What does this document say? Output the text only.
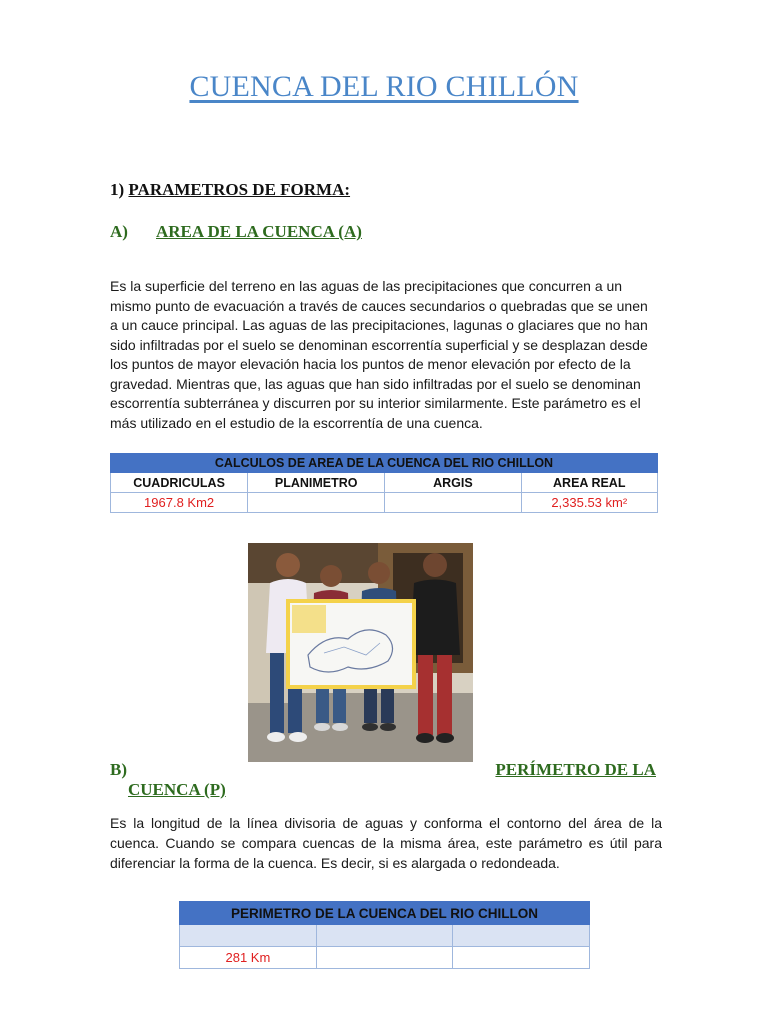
CUENCA DEL RIO CHILLÓN
1) PARAMETROS DE FORMA:
A) AREA DE LA CUENCA (A)
Es la superficie del terreno en las aguas de las precipitaciones que concurren a un
mismo punto de evacuación a través de cauces secundarios o quebradas que se unen
a un cauce principal. Las aguas de las precipitaciones, lagunas o glaciares que no han
sido infiltradas por el suelo se denominan escorrentía superficial y se desplazan desde
los puntos de mayor elevación hacia los puntos de menor elevación por efecto de la
gravedad. Mientras que, las aguas que han sido infiltradas por el suelo se denominan
escorrentía subterránea y discurren por su interior similarmente. Este parámetro es el
más utilizado en el estudio de la escorrentía de una cuenca.
CALCULOS DE AREA DE LA CUENCA DEL RIO CHILLON			
CUADRICULAS	PLANIMETRO	ARGIS	AREA REAL
1967.8 Km2			2,335.53 km²
B)	PERÍMETRO DE LA
CUENCA (P)
Es la longitud de la línea divisoria de aguas y conforma el contorno del área de la
cuenca. Cuando se compara cuencas de la misma área, este parámetro es útil para
diferenciar la forma de la cuenca. Es decir, si es alargada o redondeada.
PERIMETRO DE LA CUENCA DEL RIO CHILLON		

281 Km		
